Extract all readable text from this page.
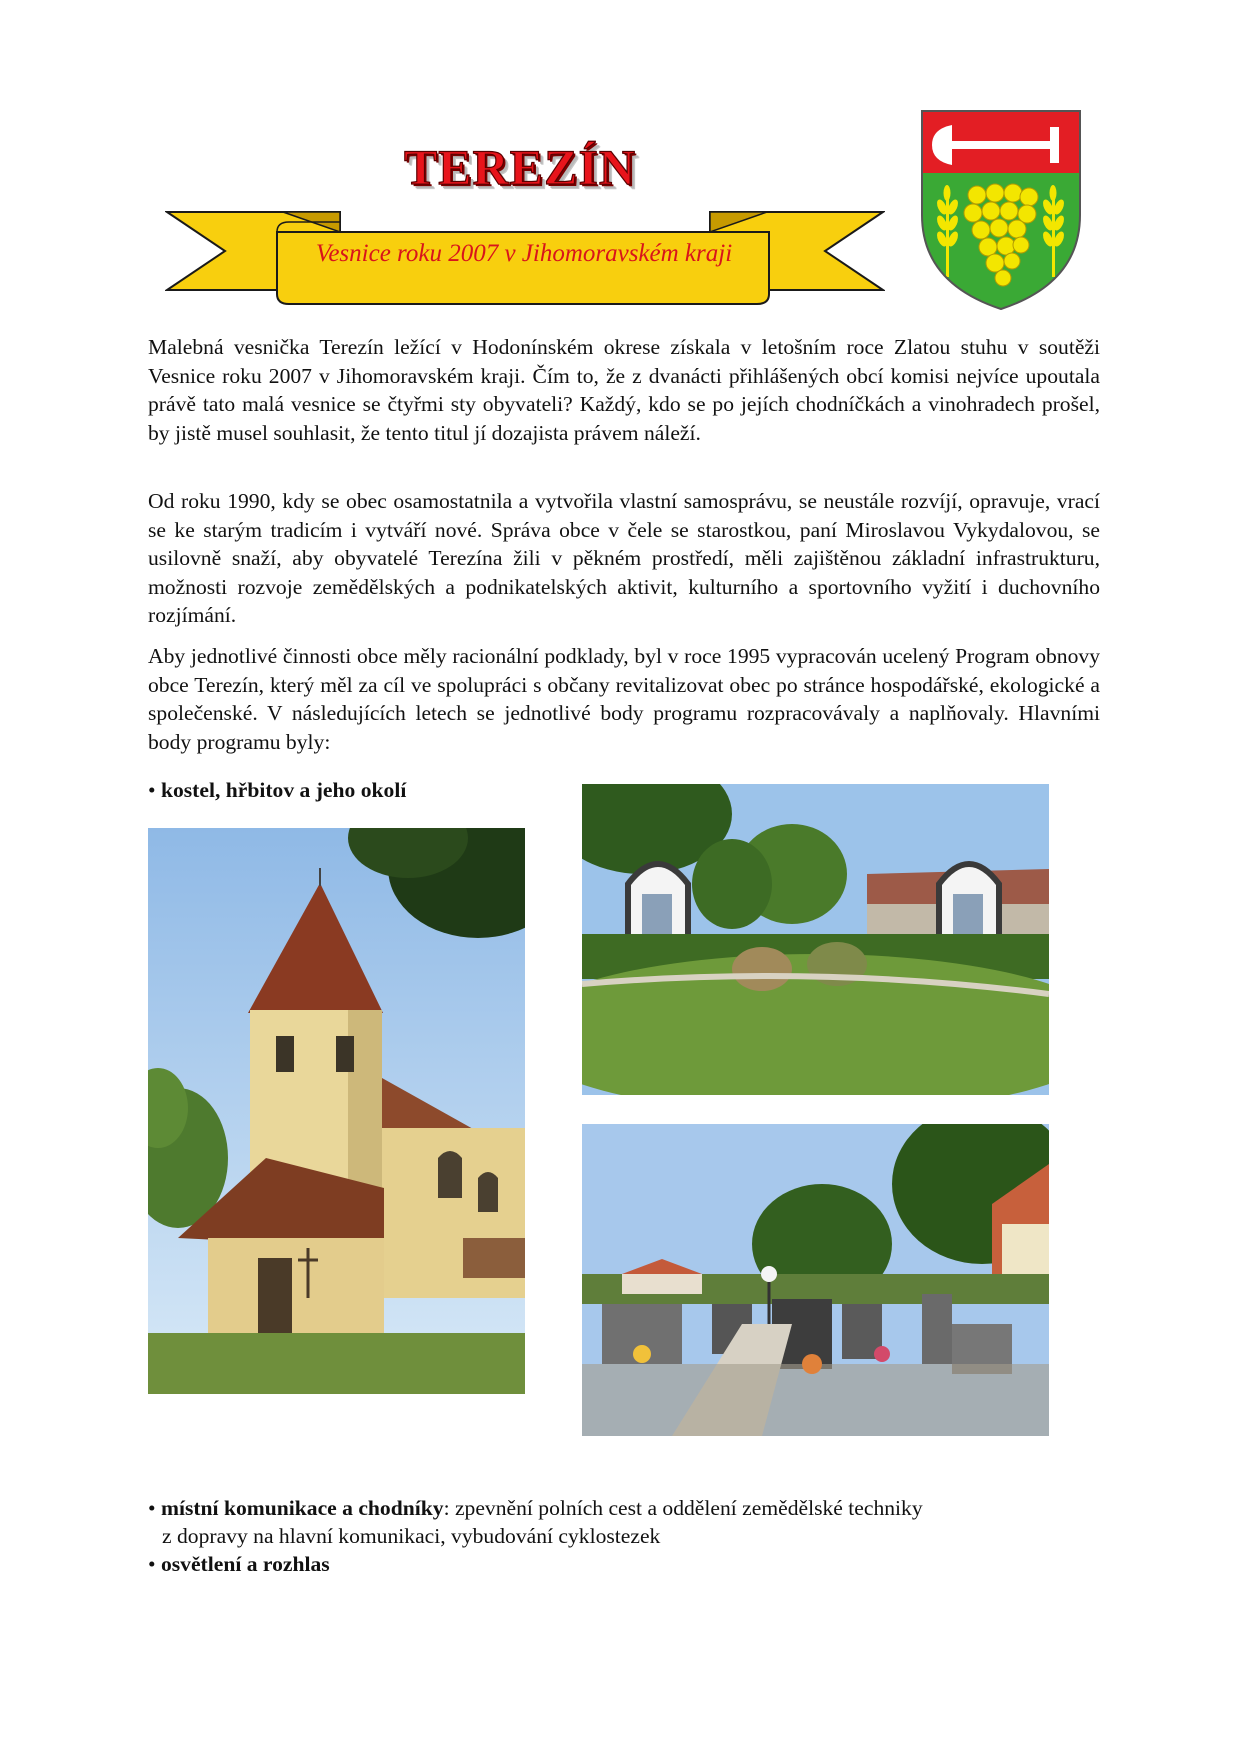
TEREZÍN
Vesnice roku 2007 v Jihomoravském kraji

Malebná vesnička Terezín ležící v Hodonínském okrese získala v letošním roce Zlatou stuhu v soutěži Vesnice roku 2007 v Jihomoravském kraji. Čím to, že z dvanácti přihlášených obcí komisi nejvíce upoutala právě tato malá vesnice se čtyřmi sty obyvateli? Každý, kdo se po jejích chodníčkách a vinohradech prošel, by jistě musel souhlasit, že tento titul jí dozajista právem náleží.

Od roku 1990, kdy se obec osamostatnila a vytvořila vlastní samosprávu, se neustále rozvíjí, opravuje, vrací se ke starým tradicím i vytváří nové. Správa obce v čele se starostkou, paní Miroslavou Vykydalovou, se usilovně snaží, aby obyvatelé Terezína žili v pěkném prostředí, měli zajištěnou základní infrastrukturu, možnosti rozvoje zemědělských a podnikatelských aktivit, kulturního a sportovního vyžití i duchovního rozjímání.

Aby jednotlivé činnosti obce měly racionální podklady, byl v roce 1995 vypracován ucelený Program obnovy obce Terezín, který měl za cíl ve spolupráci s občany revitalizovat obec po stránce hospodářské, ekologické a společenské. V následujících letech se jednotlivé body programu rozpracovávaly a naplňovaly. Hlavními body programu byly:

• kostel, hřbitov a jeho okolí
• místní komunikace a chodníky: zpevnění polních cest a oddělení zemědělské techniky
z dopravy na hlavní komunikaci, vybudování cyklostezek
• osvětlení a rozhlas
